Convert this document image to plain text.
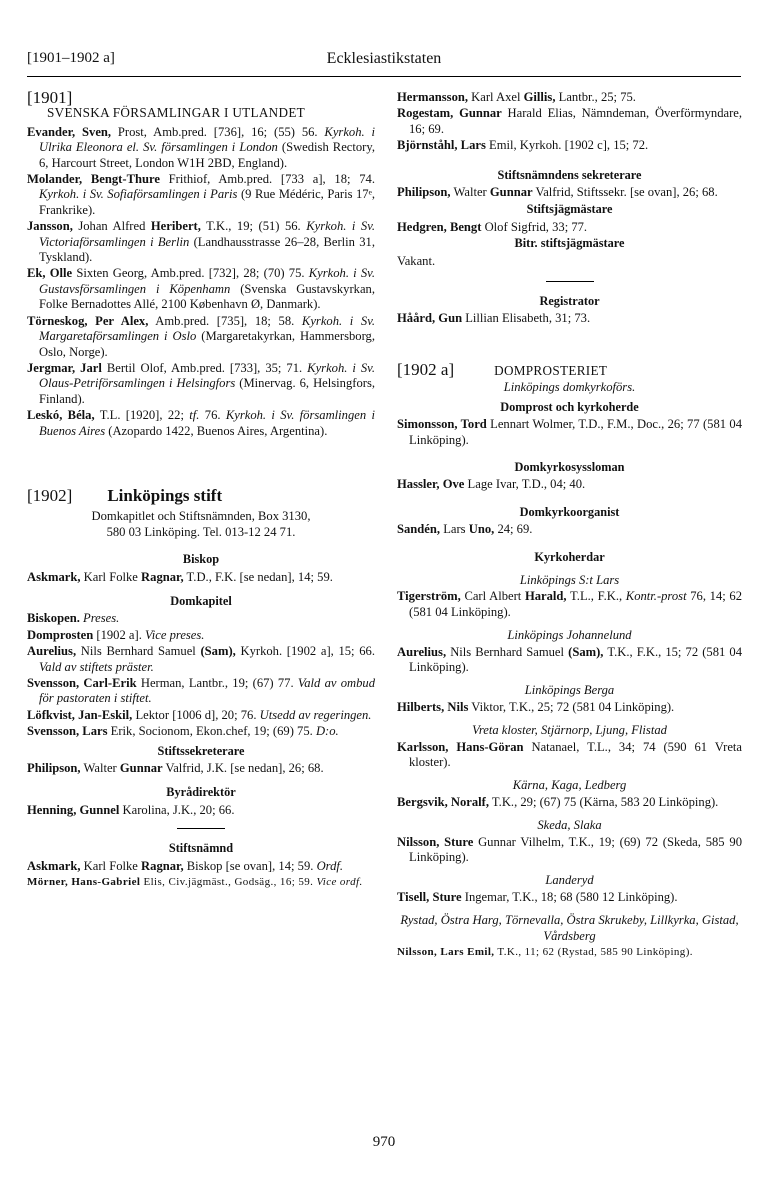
[1901–1902 a]	Ecklesiastikstaten
[1901]
SVENSKA FÖRSAMLINGAR I UTLANDET
Evander, Sven, Prost, Amb.pred. [736], 16; (55) 56. Kyrkoh. i Ulrika Eleonora el. Sv. församlingen i London (Swedish Rectory, 6, Harcourt Street, London W1H 2BD, England).
Molander, Bengt-Thure Frithiof, Amb.pred. [733 a], 18; 74. Kyrkoh. i Sv. Sofiaförsamlingen i Paris (9 Rue Médéric, Paris 17ᵉ, Frankrike).
Jansson, Johan Alfred Heribert, T.K., 19; (51) 56. Kyrkoh. i Sv. Victoriaförsamlingen i Berlin (Landhausstrasse 26–28, Berlin 31, Tyskland).
Ek, Olle Sixten Georg, Amb.pred. [732], 28; (70) 75. Kyrkoh. i Sv. Gustavsförsamlingen i Köpenhamn (Svenska Gustavskyrkan, Folke Bernadottes Allé, 2100 København Ø, Danmark).
Törneskog, Per Alex, Amb.pred. [735], 18; 58. Kyrkoh. i Sv. Margaretaförsamlingen i Oslo (Margaretakyrkan, Hammersborg, Oslo, Norge).
Jergmar, Jarl Bertil Olof, Amb.pred. [733], 35; 71. Kyrkoh. i Sv. Olaus-Petriförsamlingen i Helsingfors (Minervag. 6, Helsingfors, Finland).
Leskó, Béla, T.L. [1920], 22; tf. 76. Kyrkoh. i Sv. församlingen i Buenos Aires (Azopardo 1422, Buenos Aires, Argentina).
[1902] Linköpings stift
Domkapitlet och Stiftsnämnden, Box 3130,
580 03 Linköping. Tel. 013-12 24 71.
Biskop
Askmark, Karl Folke Ragnar, T.D., F.K. [se nedan], 14; 59.
Domkapitel
Biskopen. Preses.
Domprosten [1902 a]. Vice preses.
Aurelius, Nils Bernhard Samuel (Sam), Kyrkoh. [1902 a], 15; 66. Vald av stiftets präster.
Svensson, Carl-Erik Herman, Lantbr., 19; (67) 77. Vald av ombud för pastoraten i stiftet.
Löfkvist, Jan-Eskil, Lektor [1006 d], 20; 76. Utsedd av regeringen.
Svensson, Lars Erik, Socionom, Ekon.chef, 19; (69) 75. D:o.
Stiftssekreterare
Philipson, Walter Gunnar Valfrid, J.K. [se nedan], 26; 68.
Byrådirektör
Henning, Gunnel Karolina, J.K., 20; 66.
Stiftsnämnd
Askmark, Karl Folke Ragnar, Biskop [se ovan], 14; 59. Ordf.
Mörner, Hans-Gabriel Elis, Civ.jägmäst., Godsäg., 16; 59. Vice ordf.
Hermansson, Karl Axel Gillis, Lantbr., 25; 75.
Rogestam, Gunnar Harald Elias, Nämndeman, Överförmyndare, 16; 69.
Björnståhl, Lars Emil, Kyrkoh. [1902 c], 15; 72.
Stiftsnämndens sekreterare
Philipson, Walter Gunnar Valfrid, Stiftssekr. [se ovan], 26; 68.
Stiftsjägmästare
Hedgren, Bengt Olof Sigfrid, 33; 77.
Bitr. stiftsjägmästare
Vakant.
Registrator
Håård, Gun Lillian Elisabeth, 31; 73.
[1902 a]	DOMPROSTERIET
Linköpings domkyrkoförs.
Domprost och kyrkoherde
Simonsson, Tord Lennart Wolmer, T.D., F.M., Doc., 26; 77 (581 04 Linköping).
Domkyrkosyssloman
Hassler, Ove Lage Ivar, T.D., 04; 40.
Domkyrkoorganist
Sandén, Lars Uno, 24; 69.
Kyrkoherdar
Linköpings S:t Lars
Tigerström, Carl Albert Harald, T.L., F.K., Kontr.-prost 76, 14; 62 (581 04 Linköping).
Linköpings Johannelund
Aurelius, Nils Bernhard Samuel (Sam), T.K., F.K., 15; 72 (581 04 Linköping).
Linköpings Berga
Hilberts, Nils Viktor, T.K., 25; 72 (581 04 Linköping).
Vreta kloster, Stjärnorp, Ljung, Flistad
Karlsson, Hans-Göran Natanael, T.L., 34; 74 (590 61 Vreta kloster).
Kärna, Kaga, Ledberg
Bergsvik, Noralf, T.K., 29; (67) 75 (Kärna, 583 20 Linköping).
Skeda, Slaka
Nilsson, Sture Gunnar Vilhelm, T.K., 19; (69) 72 (Skeda, 585 90 Linköping).
Landeryd
Tisell, Sture Ingemar, T.K., 18; 68 (580 12 Linköping).
Rystad, Östra Harg, Törnevalla, Östra Skrukeby, Lillkyrka, Gistad, Vårdsberg
Nilsson, Lars Emil, T.K., 11; 62 (Rystad, 585 90 Linköping).
970
